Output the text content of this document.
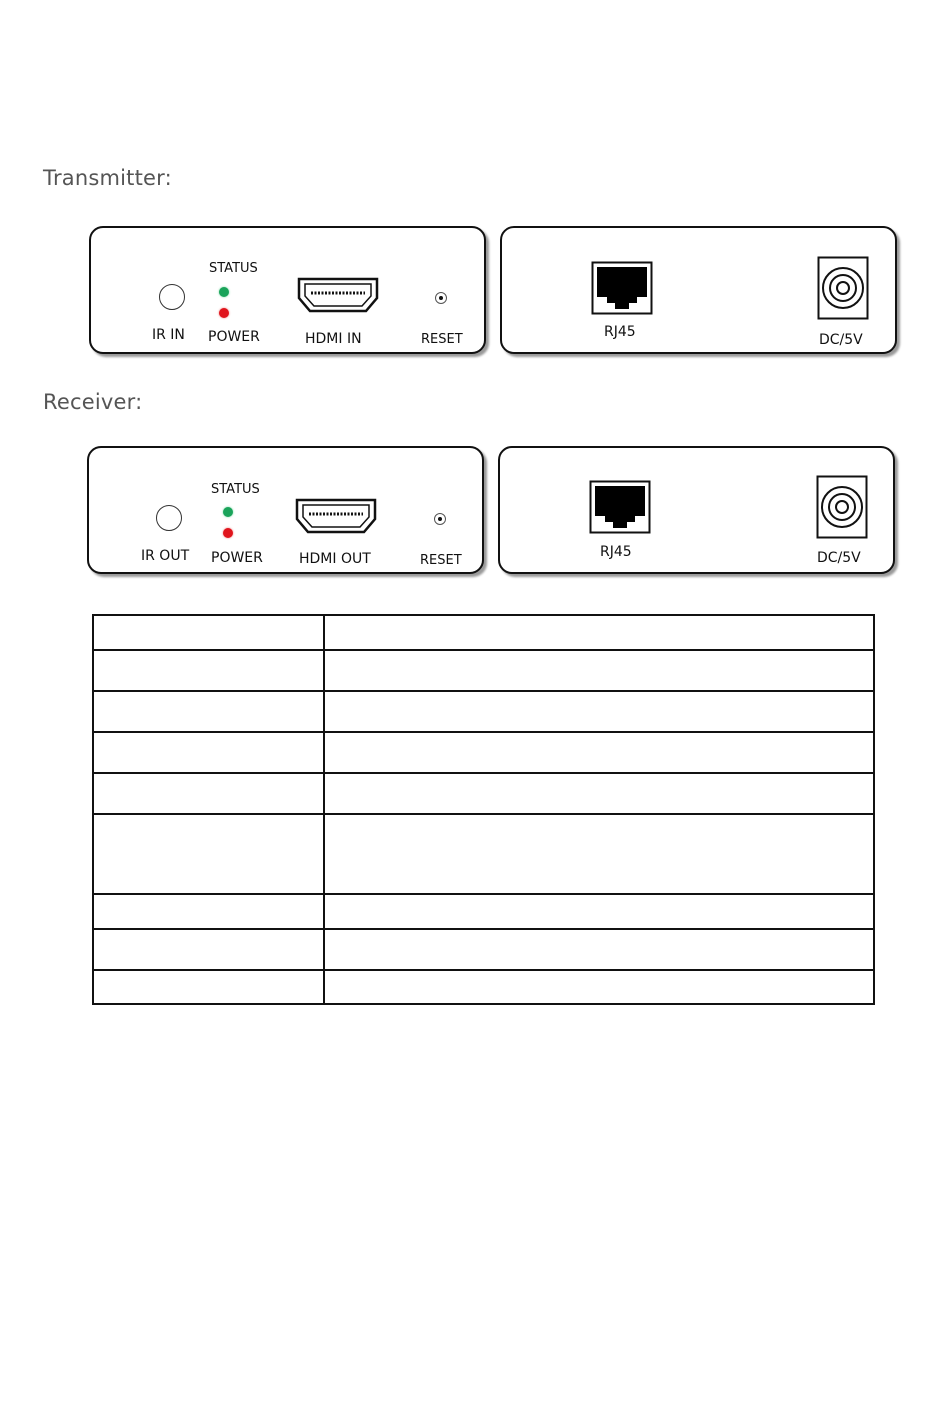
Transmitter:
IR IN
STATUS
POWER	HDMI IN	RESET	RJ45	DC/5V
Receiver:
IR OUT
STATUS
POWER	HDMI OUT	RESET
RJ45	DC/5V
